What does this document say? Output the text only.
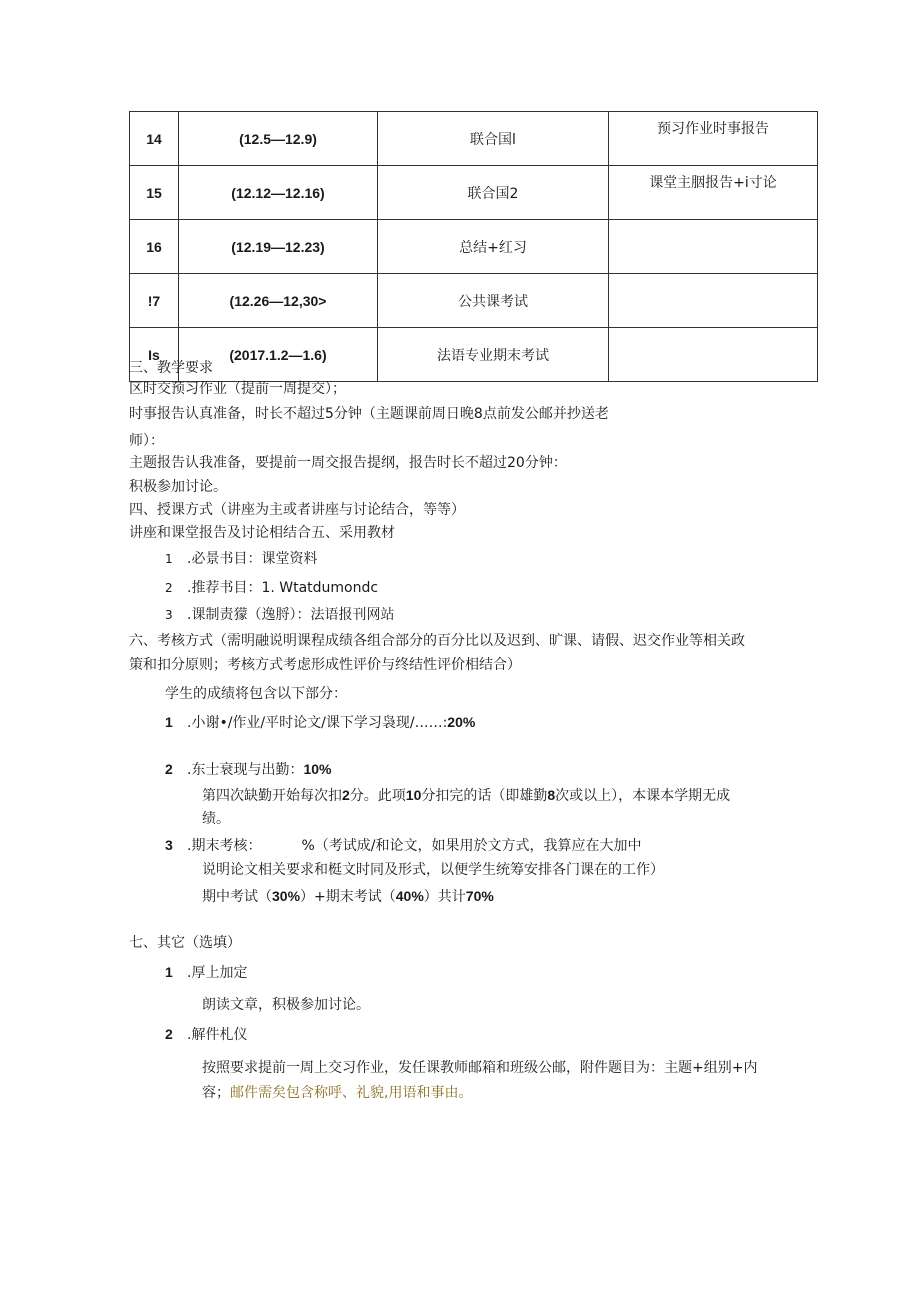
14	(12.5—12.9)	联合国l	预习作业时事报告
15	(12.12—12.16)	联合国2	课堂主胭报告+i寸论
16	(12.19—12.23)	总结+红习	
!7	(12.26—12,30>	公共课考试	
Is	(2017.1.2—1.6)	法语专业期末考试	
三、教学要求
区时交预习作业（提前一周提交）；
时事报告认真准备，时长不超过5分钟（主题课前周日晚8点前发公邮并抄送老
师）：
主题报告认我准备，要提前一周交报告提纲，报告时长不超过20分钟：
积极参加讨论。
四、授课方式（讲座为主或者讲座与讨论结合，等等）
讲座和课堂报告及讨论相结合五、采用教材
1 .必景书目：课堂资料
2 .推荐书目：1. Wtatdumondc
3 .课制责獴（逸脟）：法语报刊网站
六、考核方式（需明融说明课程成绩各组合部分的百分比以及迟到、旷课、请假、迟交作业等相关政
策和扣分原则；考核方式考虑形成性评价与终结性评价相结合）
学生的成绩将包含以下部分：
1 .小谢•/作业/平时论文/课下学习袅现/……:20%
2 .东士衰现与出勤：10%
第四次缺勤开始每次扣2分。此项10分扣完的话（即雄勤8次或以上），本课本学期无成
绩。
3 .期末考核：	%（考试成/和论文，如果用於文方式，我算应在大加中
说明论文相关要求和梃文时同及形式，以便学生统筹安排各门课在的工作）
期中考试（30%）+期末考试（40%）共计70%
七、其它（选填）
1 .厚上加定
朗读文章，积极参加讨论。
2 .解件札仪
按照要求提前一周上交习作业，发任课教师邮箱和班级公邮，附件题目为：主题+组别+内
容；邮件需矣包含称呼、礼貌,用语和事由。
